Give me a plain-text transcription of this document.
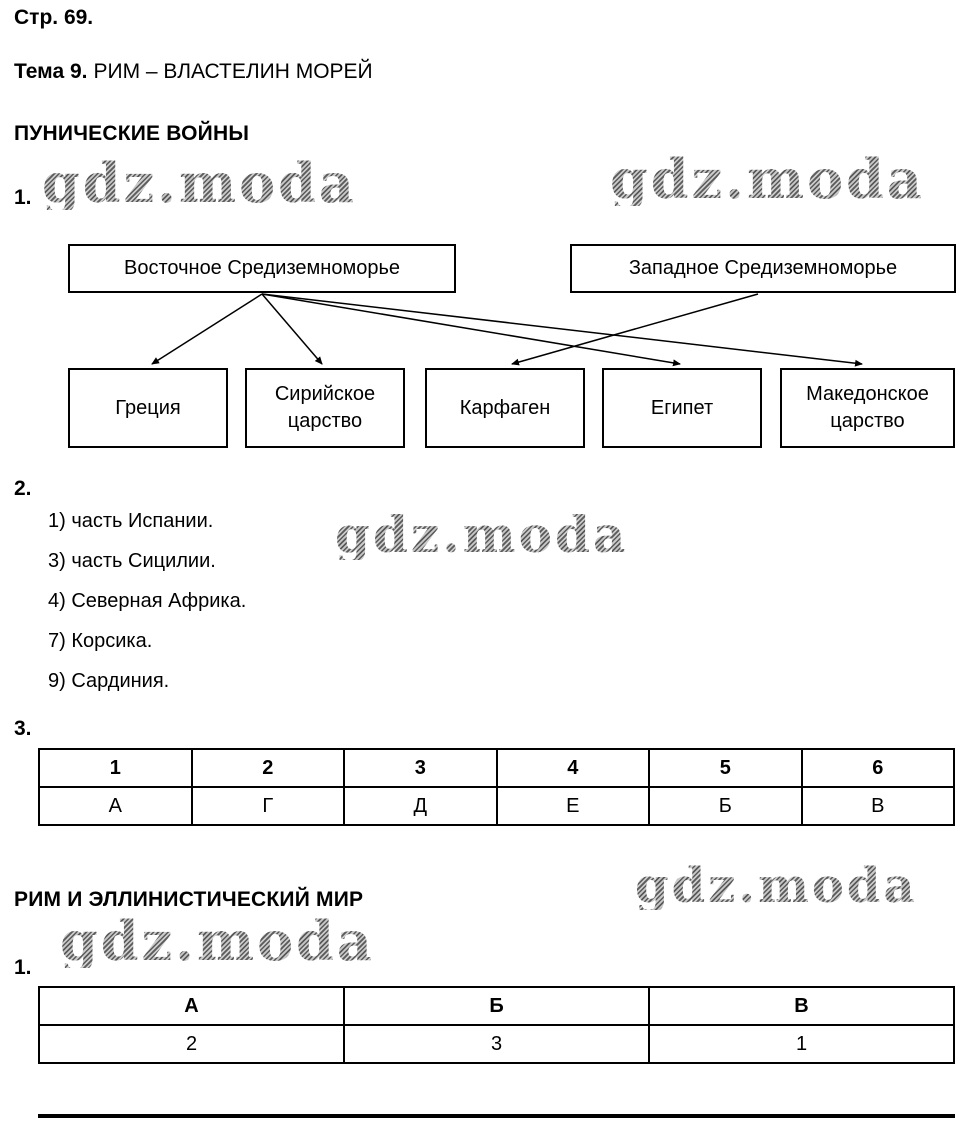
Стр. 69.
Тема 9. РИМ – ВЛАСТЕЛИН МОРЕЙ
ПУНИЧЕСКИЕ ВОЙНЫ
1. gdz.moda	gdz.moda
Восточное Средиземноморье	Западное Средиземноморье
Греция
Сирийское царство
Карфаген	Египет
Македонское царство
2.
1) часть Испании.
3) часть Сицилии.
4) Северная Африка.
7) Корсика.
9) Сардиния.
gdz.moda
3.
1	2	3	4	5	6
А	Г	Д	Е	Б	В
РИМ И ЭЛЛИНИСТИЧЕСКИЙ МИР	gdz.moda
gdz.moda
1.
А	Б	В
2	3	1
